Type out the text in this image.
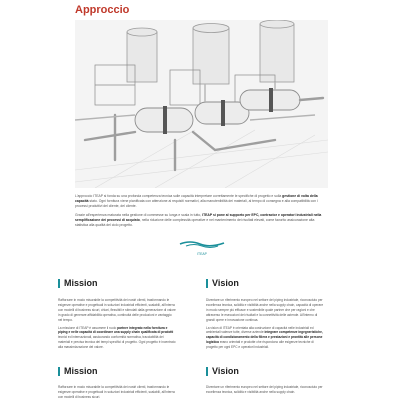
Approccio

L'approccio ITEAP si fonda su una profonda competenza tecnica sulle capacità interpretare correttamente le specifiche di progetto e sulla gestione di volta della capacità stato. Ogni fornitura viene pianificata con attenzione ai requisiti normativi, alla manutenibilità dei materiali, al tempo di consegna e alla compatibilità con i processi produttivi del cliente, del cliente.

Grazie all'esperienza maturata nella gestione di commesse su lunga e scala in tutto, ITEAP si pone al supporto per EPC, contractor e operatori industriali nella semplificazione dei processi di acquisto, nella riduzione delle complessità operative e nel mantenimento dei risultati elevati, come favorito assicurazione alta statistica alla qualità del ciclo progetto.

ITEAP
Mission

Rafforzare in modo misurabile la competitività dei nostri clienti, trasformando le esigenze operative e progettuali in soluzioni industriali efficienti, scalabili, all'interno con modelli di business sicuri, chiari, flessibili e stimolati dalla generazione di valore in grado di generare affidabilità operativa, continuità delle produzioni e vantaggio nel tempo.

La missione di ITEAP è assumere il ruolo partner integrato nella fornitura e piping e nelle capacità di coordinare una supply chain qualificata di prodotti tecnici ed internazionali, assicurando conformità normativa, tracciabilità dei materiali e precisa tecnica dei tempi specifici di progetto. Ogni progetto è incentrato alla massimizzazione del valore.

Vision

Diventare un riferimento europeo nel settore del piping industriale, riconosciuto per eccellenza tecnica, solidità e visibilità anche nella supply chain, capacità di operare in modo sempre più efficace e sostenibile quale partner che per ragioni e che attraverso le esecuzioni dei risultati e la connettività delle aziende. All'interno di grandi opere e innovazione continua.

La vision di ITEAP è orientata alla costruzione di capacità nelle industriali ed ambientali valenze tutte, diverse aziende integrare competenze ingegneristiche, capacità di condizionamento della filiera e prestazioni e prontità alle persone logistica erano orientati e prodotte che rispondono alle esigenze tecniche di progetto per ogni EPC e operatori industriali.

Mission

Rafforzare in modo misurabile la competitività dei nostri clienti, trasformando le esigenze operative e progettuali in soluzioni industriali efficienti, scalabili, all'interno con modelli di business sicuri.

Vision

Diventare un riferimento europeo nel settore del piping industriale, riconosciuto per eccellenza tecnica, solidità e visibilità anche nella supply chain.
